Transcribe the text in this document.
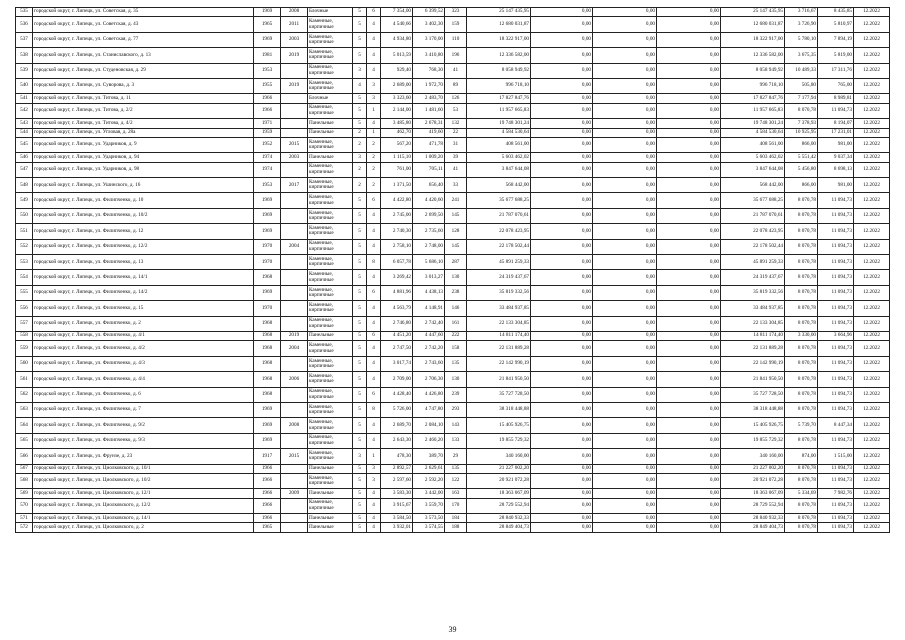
535	городской округ, г. Липецк, ул. Советская, д. 35	1969	2008	Блочные	5	6	7 354,00	6 399,52	323	25 147 435,95	0,00	0,00	0,00	25 147 435,95	3 716,67	8 435,85	12.2022
536	городской округ, г. Липецк, ул. Советская, д. 43	1965	2011	Каменные, кирпичные	5	4	4 540,66	3 402,30	159	12 680 031,87	0,00	0,00	0,00	12 680 031,87	3 726,90	5 810,97	12.2022
537	городской округ, г. Липецк, ул. Советская, д. 77	1969	2003	Каменные, кирпичные	5	4	4 934,80	3 170,00	110	18 322 917,00	0,00	0,00	0,00	18 322 917,00	5 780,10	7 894,19	12.2022
538	городской округ, г. Липецк, ул. Станиславского, д. 13	1981	2019	Каменные, кирпичные	5	4	5 013,59	3 410,80	196	12 336 582,00	0,00	0,00	0,00	12 336 582,00	3 675,35	5 819,00	12.2022
539	городской округ, г. Липецк, ул. Студеновская, д. 29	1953		Каменные, кирпичные	3	4	929,40	768,30	41	8 058 949,92	0,00	0,00	0,00	8 058 949,92	10 489,33	17 311,76	12.2022
540	городской округ, г. Липецк, ул. Суворова, д. 3	1955	2019	Каменные, кирпичные	4	3	2 689,00	1 972,70	89	996 718,10	0,00	0,00	0,00	996 718,10	505,80	765,00	12.2022
541	городской округ, г. Липецк, ул. Титова, д. 11	1966		Блочные	5	3	3 323,60	2 483,70	126	17 827 847,76	0,00	0,00	0,00	17 827 847,76	7 177,94	8 989,81	12.2022
542	городской округ, г. Липецк, ул. Титова, д. 2/2	1966		Каменные, кирпичные	5	1	2 144,00	1 481,60	53	11 957 665,83	0,00	0,00	0,00	11 957 665,83	8 070,78	11 094,73	12.2022
543	городской округ, г. Липецк, ул. Титова, д. 4/2	1971		Панельные	5	4	3 485,80	2 678,31	132	19 748 301,24	0,00	0,00	0,00	19 748 301,24	7 378,93	8 194,07	12.2022
544	городской округ, г. Липецк, ул. Угловая, д. 28а	1959		Панельные	2	1	462,70	419,60	22	4 584 530,64	0,00	0,00	0,00	4 584 530,64	10 925,95	17 231,01	12.2022
545	городской округ, г. Липецк, ул. Ударников, д. 9	1952	2015	Каменные, кирпичные	2	2	567,20	471,78	31	408 561,00	0,00	0,00	0,00	408 561,00	866,00	981,00	12.2022
546	городской округ, г. Липецк, ул. Ударников, д. 94	1974	2003	Панельные	3	2	1 115,10	1 009,20	39	5 603 462,02	0,00	0,00	0,00	5 603 462,02	5 551,42	9 037,34	12.2022
547	городской округ, г. Липецк, ул. Ударников, д. 98	1974		Каменные, кирпичные	2	2	761,00	705,11	41	3 847 644,08	0,00	0,00	0,00	3 847 644,08	5 456,80	8 698,13	12.2022
548	городской округ, г. Липецк, ул. Ушинского, д. 16	1953	2017	Каменные, кирпичные	2	2	1 371,50	656,40	33	568 442,00	0,00	0,00	0,00	568 442,00	866,00	981,00	12.2022
549	городской округ, г. Липецк, ул. Филипченко, д. 10	1969		Каменные, кирпичные	5	6	4 422,80	4 420,60	241	35 677 688,25	0,00	0,00	0,00	35 677 688,25	8 070,78	11 094,73	12.2022
550	городской округ, г. Липецк, ул. Филипченко, д. 10/2	1969		Каменные, кирпичные	5	4	2 745,00	2 699,50	145	21 787 070,61	0,00	0,00	0,00	21 787 070,61	8 070,78	11 094,73	12.2022
551	городской округ, г. Липецк, ул. Филипченко, д. 12	1969		Каменные, кирпичные	5	4	2 740,30	2 735,60	128	22 078 423,95	0,00	0,00	0,00	22 078 423,95	8 070,78	11 094,73	12.2022
552	городской округ, г. Липецк, ул. Филипченко, д. 12/2	1970	2004	Каменные, кирпичные	5	4	2 758,10	2 748,00	145	22 178 502,44	0,00	0,00	0,00	22 178 502,44	8 070,78	11 094,73	12.2022
553	городской округ, г. Липецк, ул. Филипченко, д. 13	1970		Каменные, кирпичные	5	8	6 057,78	5 686,10	287	45 891 259,33	0,00	0,00	0,00	45 891 259,33	8 070,78	11 094,73	12.2022
554	городской округ, г. Липецк, ул. Филипченко, д. 14/1	1968		Каменные, кирпичные	5	4	3 269,42	3 013,27	130	24 319 437,67	0,00	0,00	0,00	24 319 437,67	8 070,78	11 094,73	12.2022
555	городской округ, г. Липецк, ул. Филипченко, д. 14/2	1969		Каменные, кирпичные	5	6	4 881,96	4 438,13	238	35 819 332,56	0,00	0,00	0,00	35 819 332,56	8 070,78	11 094,73	12.2022
556	городской округ, г. Липецк, ул. Филипченко, д. 15	1970		Каменные, кирпичные	5	4	4 563,79	4 148,91	146	33 484 937,85	0,00	0,00	0,00	33 484 937,85	8 070,78	11 094,73	12.2022
557	городской округ, г. Липецк, ул. Филипченко, д. 2	1968		Каменные, кирпичные	5	4	2 746,80	2 742,40	161	22 133 304,85	0,00	0,00	0,00	22 133 304,85	8 070,78	11 094,73	12.2022
558	городской округ, г. Липецк, ул. Филипченко, д. 4/1	1968	2019	Панельные	5	6	4 451,20	4 447,60	222	14 811 174,40	0,00	0,00	0,00	14 811 174,40	3 330,00	3 664,96	12.2022
559	городской округ, г. Липецк, ул. Филипченко, д. 4/2	1968	2004	Каменные, кирпичные	5	4	2 747,50	2 742,20	158	22 131 889,28	0,00	0,00	0,00	22 131 889,28	8 070,78	11 094,73	12.2022
560	городской округ, г. Липецк, ул. Филипченко, д. 4/3	1968		Каменные, кирпичные	5	4	3 017,74	2 743,60	135	22 142 990,19	0,00	0,00	0,00	22 142 990,19	8 070,78	11 094,73	12.2022
561	городской округ, г. Липецк, ул. Филипченко, д. 4/4	1968	2006	Каменные, кирпичные	5	4	2 709,00	2 706,30	130	21 841 950,50	0,00	0,00	0,00	21 841 950,50	8 070,78	11 094,73	12.2022
562	городской округ, г. Липецк, ул. Филипченко, д. 6	1968		Каменные, кирпичные	5	6	4 428,40	4 426,80	239	35 727 728,50	0,00	0,00	0,00	35 727 728,50	8 070,78	11 094,73	12.2022
563	городской округ, г. Липецк, ул. Филипченко, д. 7	1969		Каменные, кирпичные	5	8	5 726,00	4 747,80	293	38 318 448,88	0,00	0,00	0,00	38 318 448,88	8 070,78	11 094,73	12.2022
564	городской округ, г. Липецк, ул. Филипченко, д. 9/2	1969	2008	Каменные, кирпичные	5	4	2 689,70	2 084,10	143	15 405 926,75	0,00	0,00	0,00	15 405 926,75	5 739,70	8 447,34	12.2022
565	городской округ, г. Липецк, ул. Филипченко, д. 9/3	1969		Каменные, кирпичные	5	4	2 643,30	2 460,20	133	19 855 729,32	0,00	0,00	0,00	19 855 729,32	8 070,78	11 094,73	12.2022
566	городской округ, г. Липецк, ул. Фрунзе, д. 23	1917	2015	Каменные, кирпичные	3	1	478,30	389,70	29	340 160,00	0,00	0,00	0,00	340 160,00	874,00	1 515,00	12.2022
567	городской округ, г. Липецк, ул. Циолковского, д. 10/1	1966		Панельные	5	3	2 892,57	2 629,61	135	21 227 002,20	0,00	0,00	0,00	21 227 002,20	8 070,78	11 094,73	12.2022
568	городской округ, г. Липецк, ул. Циолковского, д. 10/2	1966		Каменные, кирпичные	5	3	2 597,60	2 592,20	122	20 921 072,28	0,00	0,00	0,00	20 921 072,28	8 070,78	11 094,73	12.2022
569	городской округ, г. Липецк, ул. Циолковского, д. 12/1	1966	2009	Панельные	5	4	3 583,30	3 442,00	163	18 363 067,09	0,00	0,00	0,00	18 363 067,09	5 334,69	7 982,76	12.2022
570	городской округ, г. Липецк, ул. Циолковского, д. 12/2	1966		Каменные, кирпичные	5	4	3 915,67	3 559,70	170	28 729 552,94	0,00	0,00	0,00	28 729 552,94	8 070,78	11 094,73	12.2022
571	городской округ, г. Липецк, ул. Циолковского, д. 14/1	1966		Панельные	5	4	3 584,50	3 573,50	184	28 840 932,33	0,00	0,00	0,00	28 840 932,33	8 070,78	11 094,73	12.2022
572	городской округ, г. Липецк, ул. Циолковского, д. 2	1965		Панельные	5	4	3 932,01	3 574,55	188	28 849 404,73	0,00	0,00	0,00	28 849 404,73	8 070,78	11 094,73	12.2022
39
